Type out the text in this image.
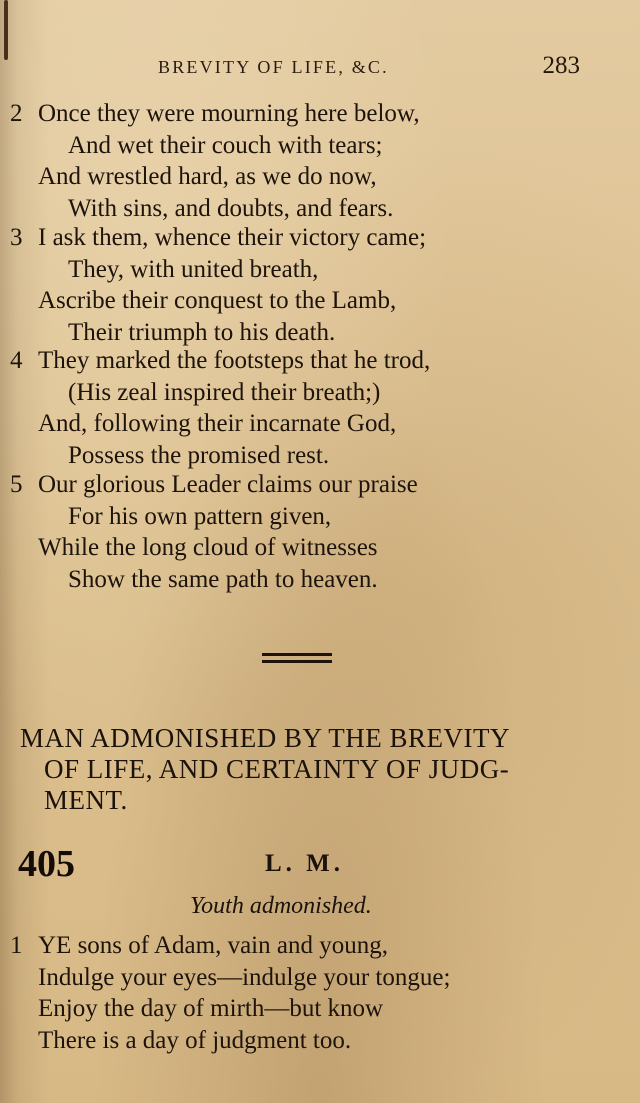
BREVITY OF LIFE, &C.	283
2 Once they were mourning here below,
And wet their couch with tears;
And wrestled hard, as we do now,
With sins, and doubts, and fears.
3 I ask them, whence their victory came;
They, with united breath,
Ascribe their conquest to the Lamb,
Their triumph to his death.
4 They marked the footsteps that he trod,
(His zeal inspired their breath;)
And, following their incarnate God,
Possess the promised rest.
5 Our glorious Leader claims our praise
For his own pattern given,
While the long cloud of witnesses
Show the same path to heaven.
MAN ADMONISHED BY THE BREVITY
OF LIFE, AND CERTAINTY OF JUDG-
MENT.
405	L. M.
Youth admonished.
1 YE sons of Adam, vain and young,
Indulge your eyes—indulge your tongue;
Enjoy the day of mirth—but know
There is a day of judgment too.
